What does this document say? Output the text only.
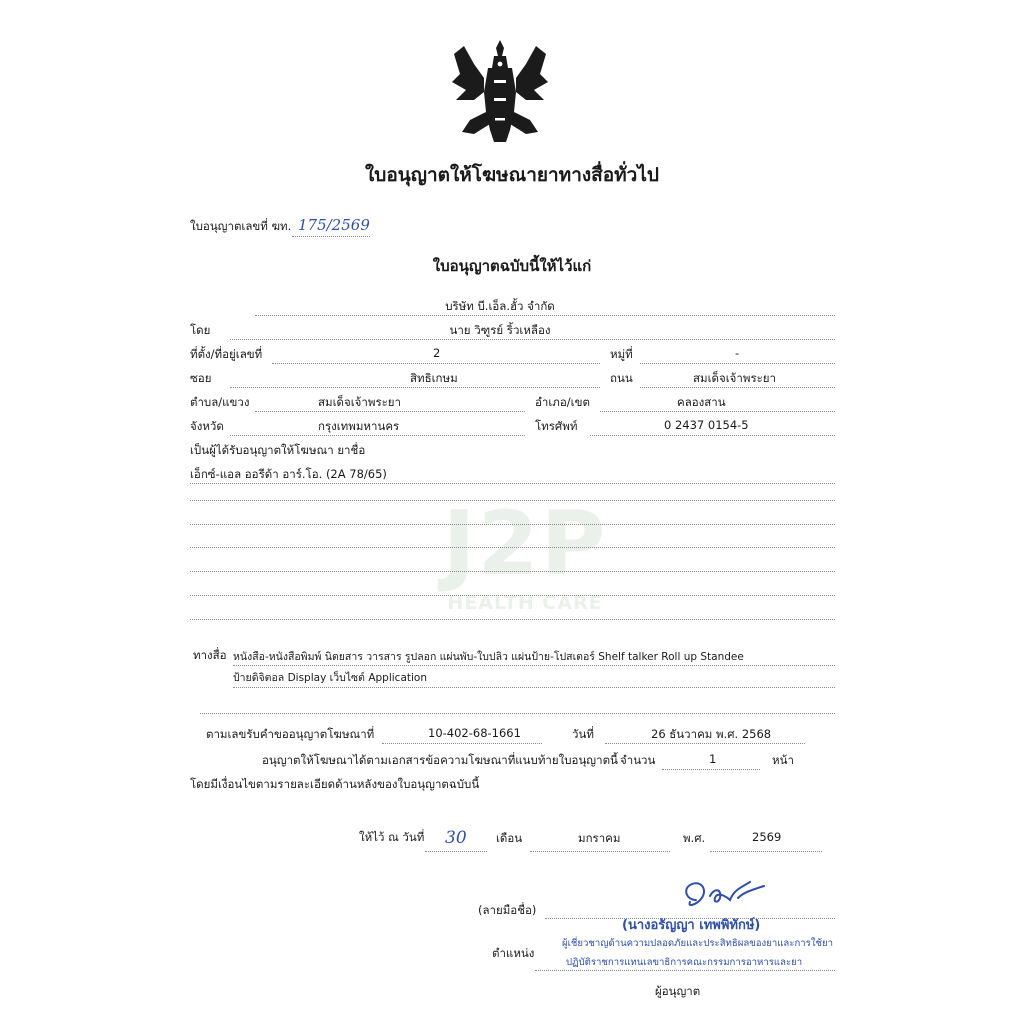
J2P
HEALTH CARE
ใบอนุญาตให้โฆษณายาทางสื่อทั่วไป
ใบอนุญาตเลขที่ ฆท. 175/2569
ใบอนุญาตฉบับนี้ให้ไว้แก่
บริษัท บี.เอ็ล.ฮั้ว จำกัด
โดย	นาย วิฑูรย์ ริ้วเหลือง
ที่ตั้ง/ที่อยู่เลขที่	2	หมู่ที่	-
ซอย	สิทธิเกษม	ถนน	สมเด็จเจ้าพระยา
ตำบล/แขวง	สมเด็จเจ้าพระยา	อำเภอ/เขต	คลองสาน
จังหวัด	กรุงเทพมหานคร	โทรศัพท์	0 2437 0154-5
เป็นผู้ได้รับอนุญาตให้โฆษณา ยาชื่อ
เอ็กซ์-แอล ออรีด้า อาร์.โอ. (2A 78/65)
ทางสื่อ หนังสือ-หนังสือพิมพ์ นิตยสาร วารสาร รูปลอก แผ่นพับ-ใบปลิว แผ่นป้าย-โปสเตอร์ Shelf talker Roll up Standee
ป้ายดิจิตอล Display เว็บไซต์ Application
ตามเลขรับคำขออนุญาตโฆษณาที่	10-402-68-1661	วันที่	26 ธันวาคม พ.ศ. 2568
อนุญาตให้โฆษณาได้ตามเอกสารข้อความโฆษณาที่แนบท้ายใบอนุญาตนี้ จำนวน	1	หน้า
โดยมีเงื่อนไขตามรายละเอียดด้านหลังของใบอนุญาตฉบับนี้
ให้ไว้ ณ วันที่ 30	เดือน	มกราคม	พ.ศ.	2569
(ลายมือชื่อ)
(นางอรัญญา เทพพิทักษ์)
ตำแหน่ง
ผู้เชี่ยวชาญด้านความปลอดภัยและประสิทธิผลของยาและการใช้ยา
ปฏิบัติราชการแทนเลขาธิการคณะกรรมการอาหารและยา
ผู้อนุญาต
